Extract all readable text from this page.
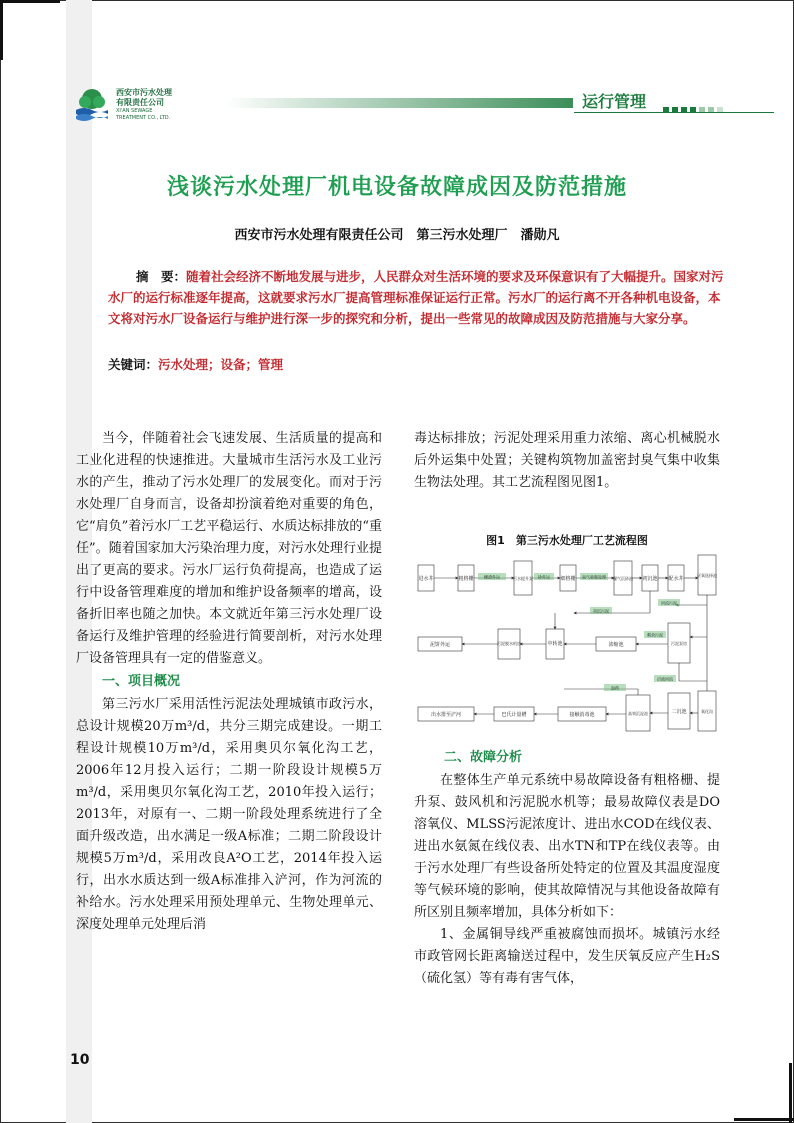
西安市污水处理
有限责任公司
XI'AN SEWAGE
TREATMENT CO., LTD.
运行管理
浅谈污水处理厂机电设备故障成因及防范措施
西安市污水处理有限责任公司　第三污水处理厂　潘勋凡
摘　要：随着社会经济不断地发展与进步，人民群众对生活环境的要求及环保意识有了大幅提升。国家对污水厂的运行标准逐年提高，这就要求污水厂提高管理标准保证运行正常。污水厂的运行离不开各种机电设备，本文将对污水厂设备运行与维护进行深一步的探究和分析，提出一些常见的故障成因及防范措施与大家分享。
关键词：污水处理；设备；管理

当今，伴随着社会飞速发展、生活质量的提高和工业化进程的快速推进。大量城市生活污水及工业污水的产生，推动了污水处理厂的发展变化。而对于污水处理厂自身而言，设备却扮演着绝对重要的角色，它“肩负”着污水厂工艺平稳运行、水质达标排放的“重任”。随着国家加大污染治理力度，对污水处理行业提出了更高的要求。污水厂运行负荷提高，也造成了运行中设备管理难度的增加和维护设备频率的增高，设备折旧率也随之加快。本文就近年第三污水处理厂设备运行及维护管理的经验进行简要剖析，对污水处理厂设备管理具有一定的借鉴意义。

一、项目概况

第三污水厂采用活性污泥法处理城镇市政污水，总设计规模20万m³/d，共分三期完成建设。一期工程设计规模10万m³/d，采用奥贝尔氧化沟工艺，2006年12月投入运行；二期一阶段设计规模5万m³/d，采用奥贝尔氧化沟工艺，2010年投入运行；2013年，对原有一、二期一阶段处理系统进行了全面升级改造，出水满足一级A标准；二期二阶段设计规模5万m³/d，采用改良A²O工艺，2014年投入运行，出水水质达到一级A标准排入浐河，作为河流的补给水。污水处理采用预处理单元、生物处理单元、深度处理单元处理后消

毒达标排放；污泥处理采用重力浓缩、离心机械脱水后外运集中处置；关键构筑物加盖密封臭气集中收集生物法处理。其工艺流程图见图1。

图1　第三污水处理厂工艺流程图
进水井	粗格栅	污水提升泵	细格栅	曝气沉砂池 初沉池 配水井
厌氧选择池
栅渣外运	砂外运	臭气收集处理
初沉污泥
回流污泥
泥饼外运	污泥脱水机房	中转池	浓缩池	污泥泵房
剩余污泥
沼液回流
出水排至浐河	巴氏计量槽	接触消毒池	高效沉淀池	二沉池	氧化沟
加药
二、故障分析

在整体生产单元系统中易故障设备有粗格栅、提升泵、鼓风机和污泥脱水机等；最易故障仪表是DO溶氧仪、MLSS污泥浓度计、进出水COD在线仪表、进出水氨氮在线仪表、出水TN和TP在线仪表等。由于污水处理厂有些设备所处特定的位置及其温度湿度等气候环境的影响，使其故障情况与其他设备故障有所区别且频率增加，具体分析如下：

1、金属铜导线严重被腐蚀而损坏。城镇污水经市政管网长距离输送过程中，发生厌氧反应产生H₂S（硫化氢）等有毒有害气体，

10
